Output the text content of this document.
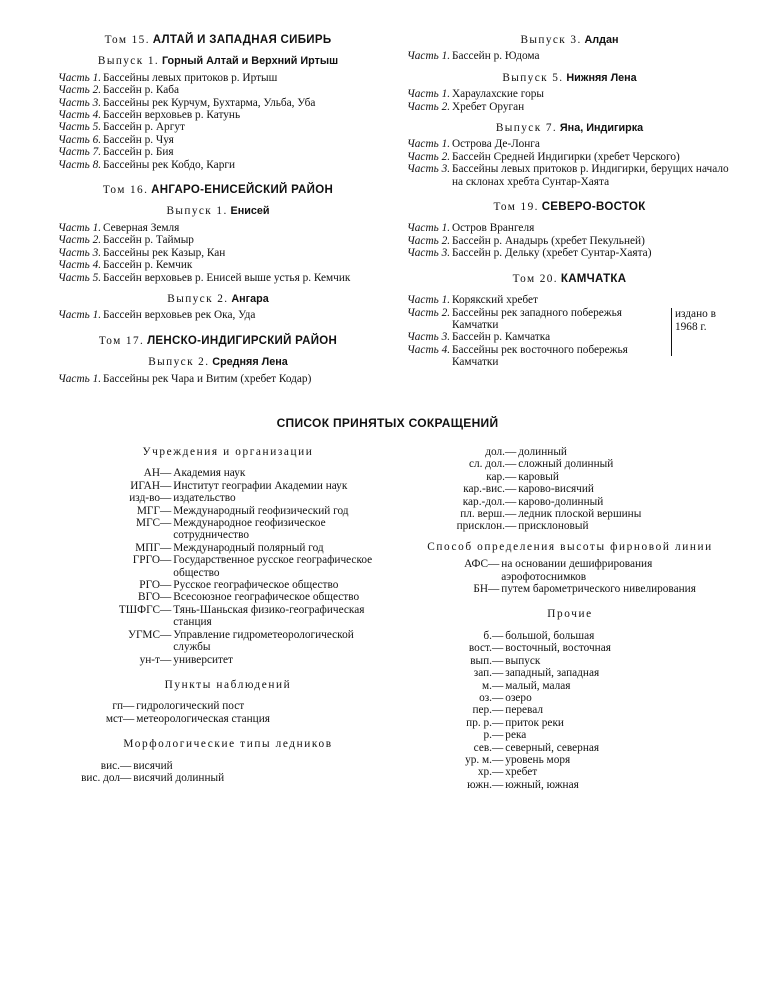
Том 15. АЛТАЙ И ЗАПАДНАЯ СИБИРЬ
Выпуск 1. Горный Алтай и Верхний Иртыш
Часть 1. Бассейны левых притоков р. Иртыш
Часть 2. Бассейн р. Каба
Часть 3. Бассейны рек Курчум, Бухтарма, Ульба, Уба
Часть 4. Бассейн верховьев р. Катунь
Часть 5. Бассейн р. Аргут
Часть 6. Бассейн р. Чуя
Часть 7. Бассейн р. Бия
Часть 8. Бассейны рек Кобдо, Карги
Том 16. АНГАРО-ЕНИСЕЙСКИЙ РАЙОН
Выпуск 1. Енисей
Часть 1. Северная Земля
Часть 2. Бассейн р. Таймыр
Часть 3. Бассейны рек Казыр, Кан
Часть 4. Бассейн р. Кемчик
Часть 5. Бассейн верховьев р. Енисей выше устья р. Кемчик
Выпуск 2. Ангара
Часть 1. Бассейн верховьев рек Ока, Уда
Том 17. ЛЕНСКО-ИНДИГИРСКИЙ РАЙОН
Выпуск 2. Средняя Лена
Часть 1. Бассейны рек Чара и Витим (хребет Кодар)
Выпуск 3. Алдан
Часть 1. Бассейн р. Юдома
Выпуск 5. Нижняя Лена
Часть 1. Хараулахские горы
Часть 2. Хребет Оруган
Выпуск 7. Яна, Индигирка
Часть 1. Острова Де-Лонга
Часть 2. Бассейн Средней Индигирки (хребет Черского)
Часть 3. Бассейны левых притоков р. Индигирки, берущих начало на склонах хребта Сунтар-Хаята
Том 19. СЕВЕРО-ВОСТОК
Часть 1. Остров Врангеля
Часть 2. Бассейн р. Анадырь (хребет Пекульней)
Часть 3. Бассейн р. Дельку (хребет Сунтар-Хаята)
Том 20. КАМЧАТКА
Часть 1. Корякский хребет
Часть 2. Бассейны рек западного побережья Камчатки
Часть 3. Бассейн р. Камчатка
Часть 4. Бассейны рек восточного побережья Камчатки
издано в 1968 г.
СПИСОК ПРИНЯТЫХ СОКРАЩЕНИЙ
Учреждения и организации
АН — Академия наук
ИГАН — Институт географии Академии наук
изд-во — издательство
МГГ — Международный геофизический год
МГС — Международное геофизическое сотрудничество
МПГ — Международный полярный год
ГРГО — Государственное русское географическое общество
РГО — Русское географическое общество
ВГО — Всесоюзное географическое общество
ТШФГС — Тянь-Шаньская физико-географическая станция
УГМС — Управление гидрометеорологической службы
ун-т — университет
Пункты наблюдений
гп — гидрологический пост
мст — метеорологическая станция
Морфологические типы ледников
вис. — висячий
вис. дол — висячий долинный
дол. — долинный
сл. дол. — сложный долинный
кар. — каровый
кар.-вис. — карово-висячий
кар.-дол. — карово-долинный
пл. верш. — ледник плоской вершины
присклон. — присклоновый
Способ определения высоты фирновой линии
АФС — на основании дешифрирования аэрофотоснимков
БН — путем барометрического нивелирования
Прочие
б. — большой, большая
вост. — восточный, восточная
вып. — выпуск
зап. — западный, западная
м. — малый, малая
оз. — озеро
пер. — перевал
пр. р. — приток реки
р. — река
сев. — северный, северная
ур. м. — уровень моря
хр. — хребет
южн. — южный, южная
